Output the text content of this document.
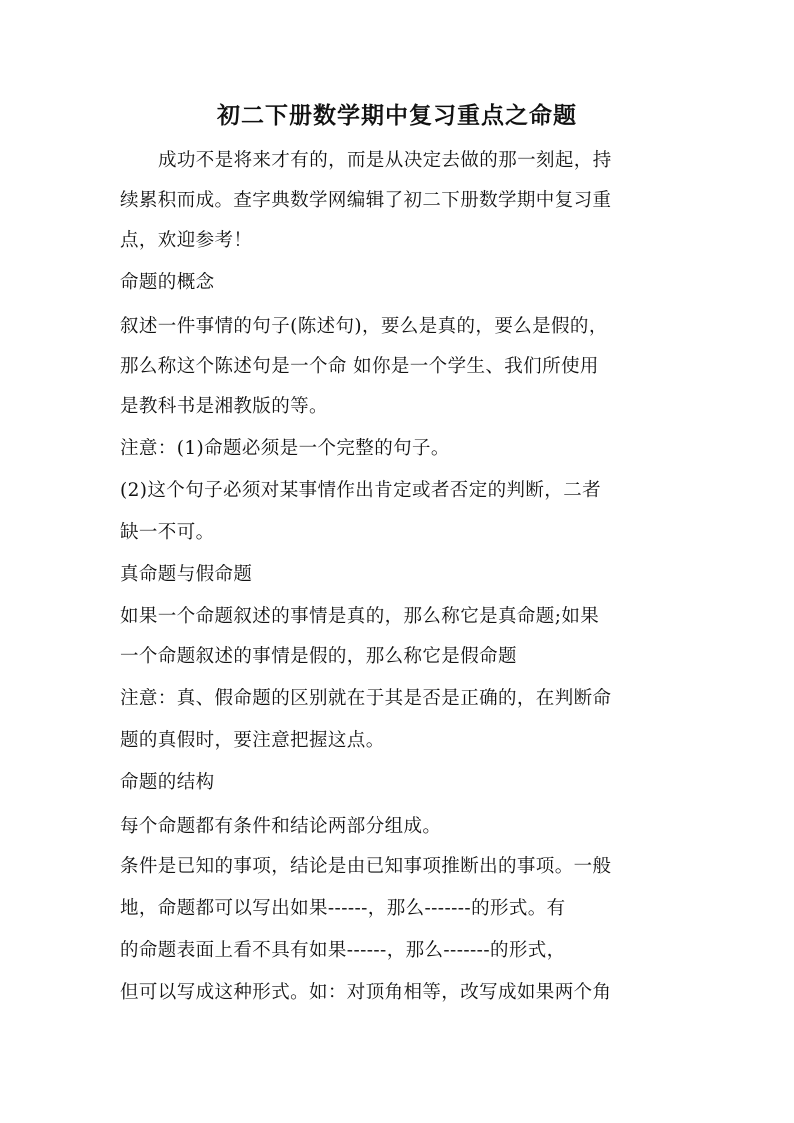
初二下册数学期中复习重点之命题
成功不是将来才有的，而是从决定去做的那一刻起，持
续累积而成。查字典数学网编辑了初二下册数学期中复习重
点，欢迎参考！
命题的概念
叙述一件事情的句子(陈述句)，要么是真的，要么是假的，
那么称这个陈述句是一个命 如你是一个学生、我们所使用
是教科书是湘教版的等。
注意：(1)命题必须是一个完整的句子。
(2)这个句子必须对某事情作出肯定或者否定的判断，二者
缺一不可。
真命题与假命题
如果一个命题叙述的事情是真的，那么称它是真命题;如果
一个命题叙述的事情是假的，那么称它是假命题
注意：真、假命题的区别就在于其是否是正确的，在判断命
题的真假时，要注意把握这点。
命题的结构
每个命题都有条件和结论两部分组成。
条件是已知的事项，结论是由已知事项推断出的事项。一般
地，命题都可以写出如果------，那么-------的形式。有
的命题表面上看不具有如果------，那么-------的形式，
但可以写成这种形式。如：对顶角相等，改写成如果两个角
